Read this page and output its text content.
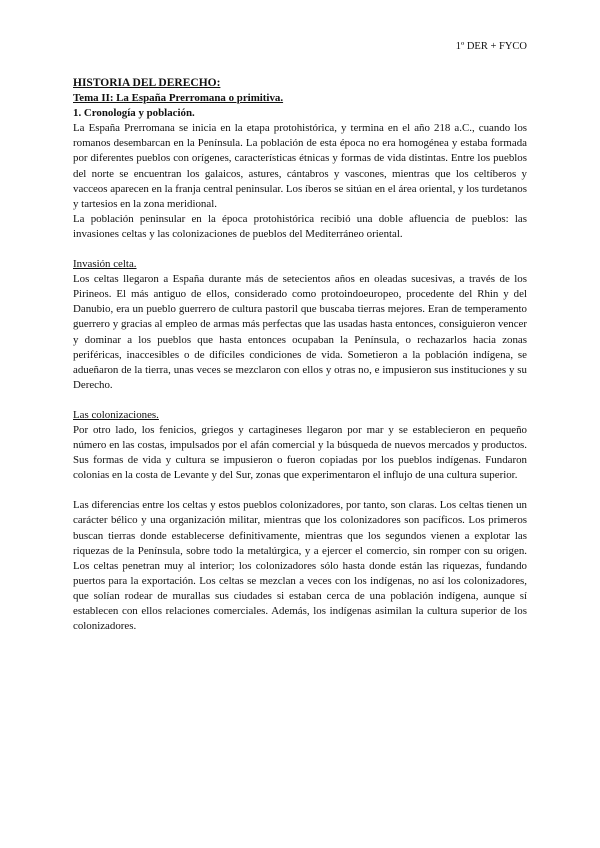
1º DER + FYCO

HISTORIA DEL DERECHO:

Tema II: La España Prerromana o primitiva.

1. Cronología y población.

La España Prerromana se inicia en la etapa protohistórica, y termina en el año 218 a.C., cuando los romanos desembarcan en la Península. La población de esta época no era homogénea y estaba formada por diferentes pueblos con orígenes, características étnicas y formas de vida distintas. Entre los pueblos del norte se encuentran los galaicos, astures, cántabros y vascones, mientras que los celtíberos y vacceos aparecen en la franja central peninsular. Los íberos se sitúan en el área oriental, y los turdetanos y tartesios en la zona meridional.

La población peninsular en la época protohistórica recibió una doble afluencia de pueblos: las invasiones celtas y las colonizaciones de pueblos del Mediterráneo oriental.

Invasión celta.

Los celtas llegaron a España durante más de setecientos años en oleadas sucesivas, a través de los Pirineos. El más antiguo de ellos, considerado como protoindoeuropeo, procedente del Rhin y del Danubio, era un pueblo guerrero de cultura pastoril que buscaba tierras mejores. Eran de temperamento guerrero y gracias al empleo de armas más perfectas que las usadas hasta entonces, consiguieron vencer y dominar a los pueblos que hasta entonces ocupaban la Península, o rechazarlos hacia zonas periféricas, inaccesibles o de difíciles condiciones de vida. Sometieron a la población indígena, se adueñaron de la tierra, unas veces se mezclaron con ellos y otras no, e impusieron sus instituciones y su Derecho.

Las colonizaciones.

Por otro lado, los fenicios, griegos y cartagineses llegaron por mar y se establecieron en pequeño número en las costas, impulsados por el afán comercial y la búsqueda de nuevos mercados y productos. Sus formas de vida y cultura se impusieron o fueron copiadas por los pueblos indígenas. Fundaron colonias en la costa de Levante y del Sur, zonas que experimentaron el influjo de una cultura superior.

Las diferencias entre los celtas y estos pueblos colonizadores, por tanto, son claras. Los celtas tienen un carácter bélico y una organización militar, mientras que los colonizadores son pacíficos. Los primeros buscan tierras donde establecerse definitivamente, mientras que los segundos vienen a explotar las riquezas de la Península, sobre todo la metalúrgica, y a ejercer el comercio, sin romper con su origen. Los celtas penetran muy al interior; los colonizadores sólo hasta donde están las riquezas, fundando puertos para la exportación. Los celtas se mezclan a veces con los indígenas, no así los colonizadores, que solían rodear de murallas sus ciudades si estaban cerca de una población indígena, aunque sí establecen con ellos relaciones comerciales. Además, los indígenas asimilan la cultura superior de los colonizadores.
